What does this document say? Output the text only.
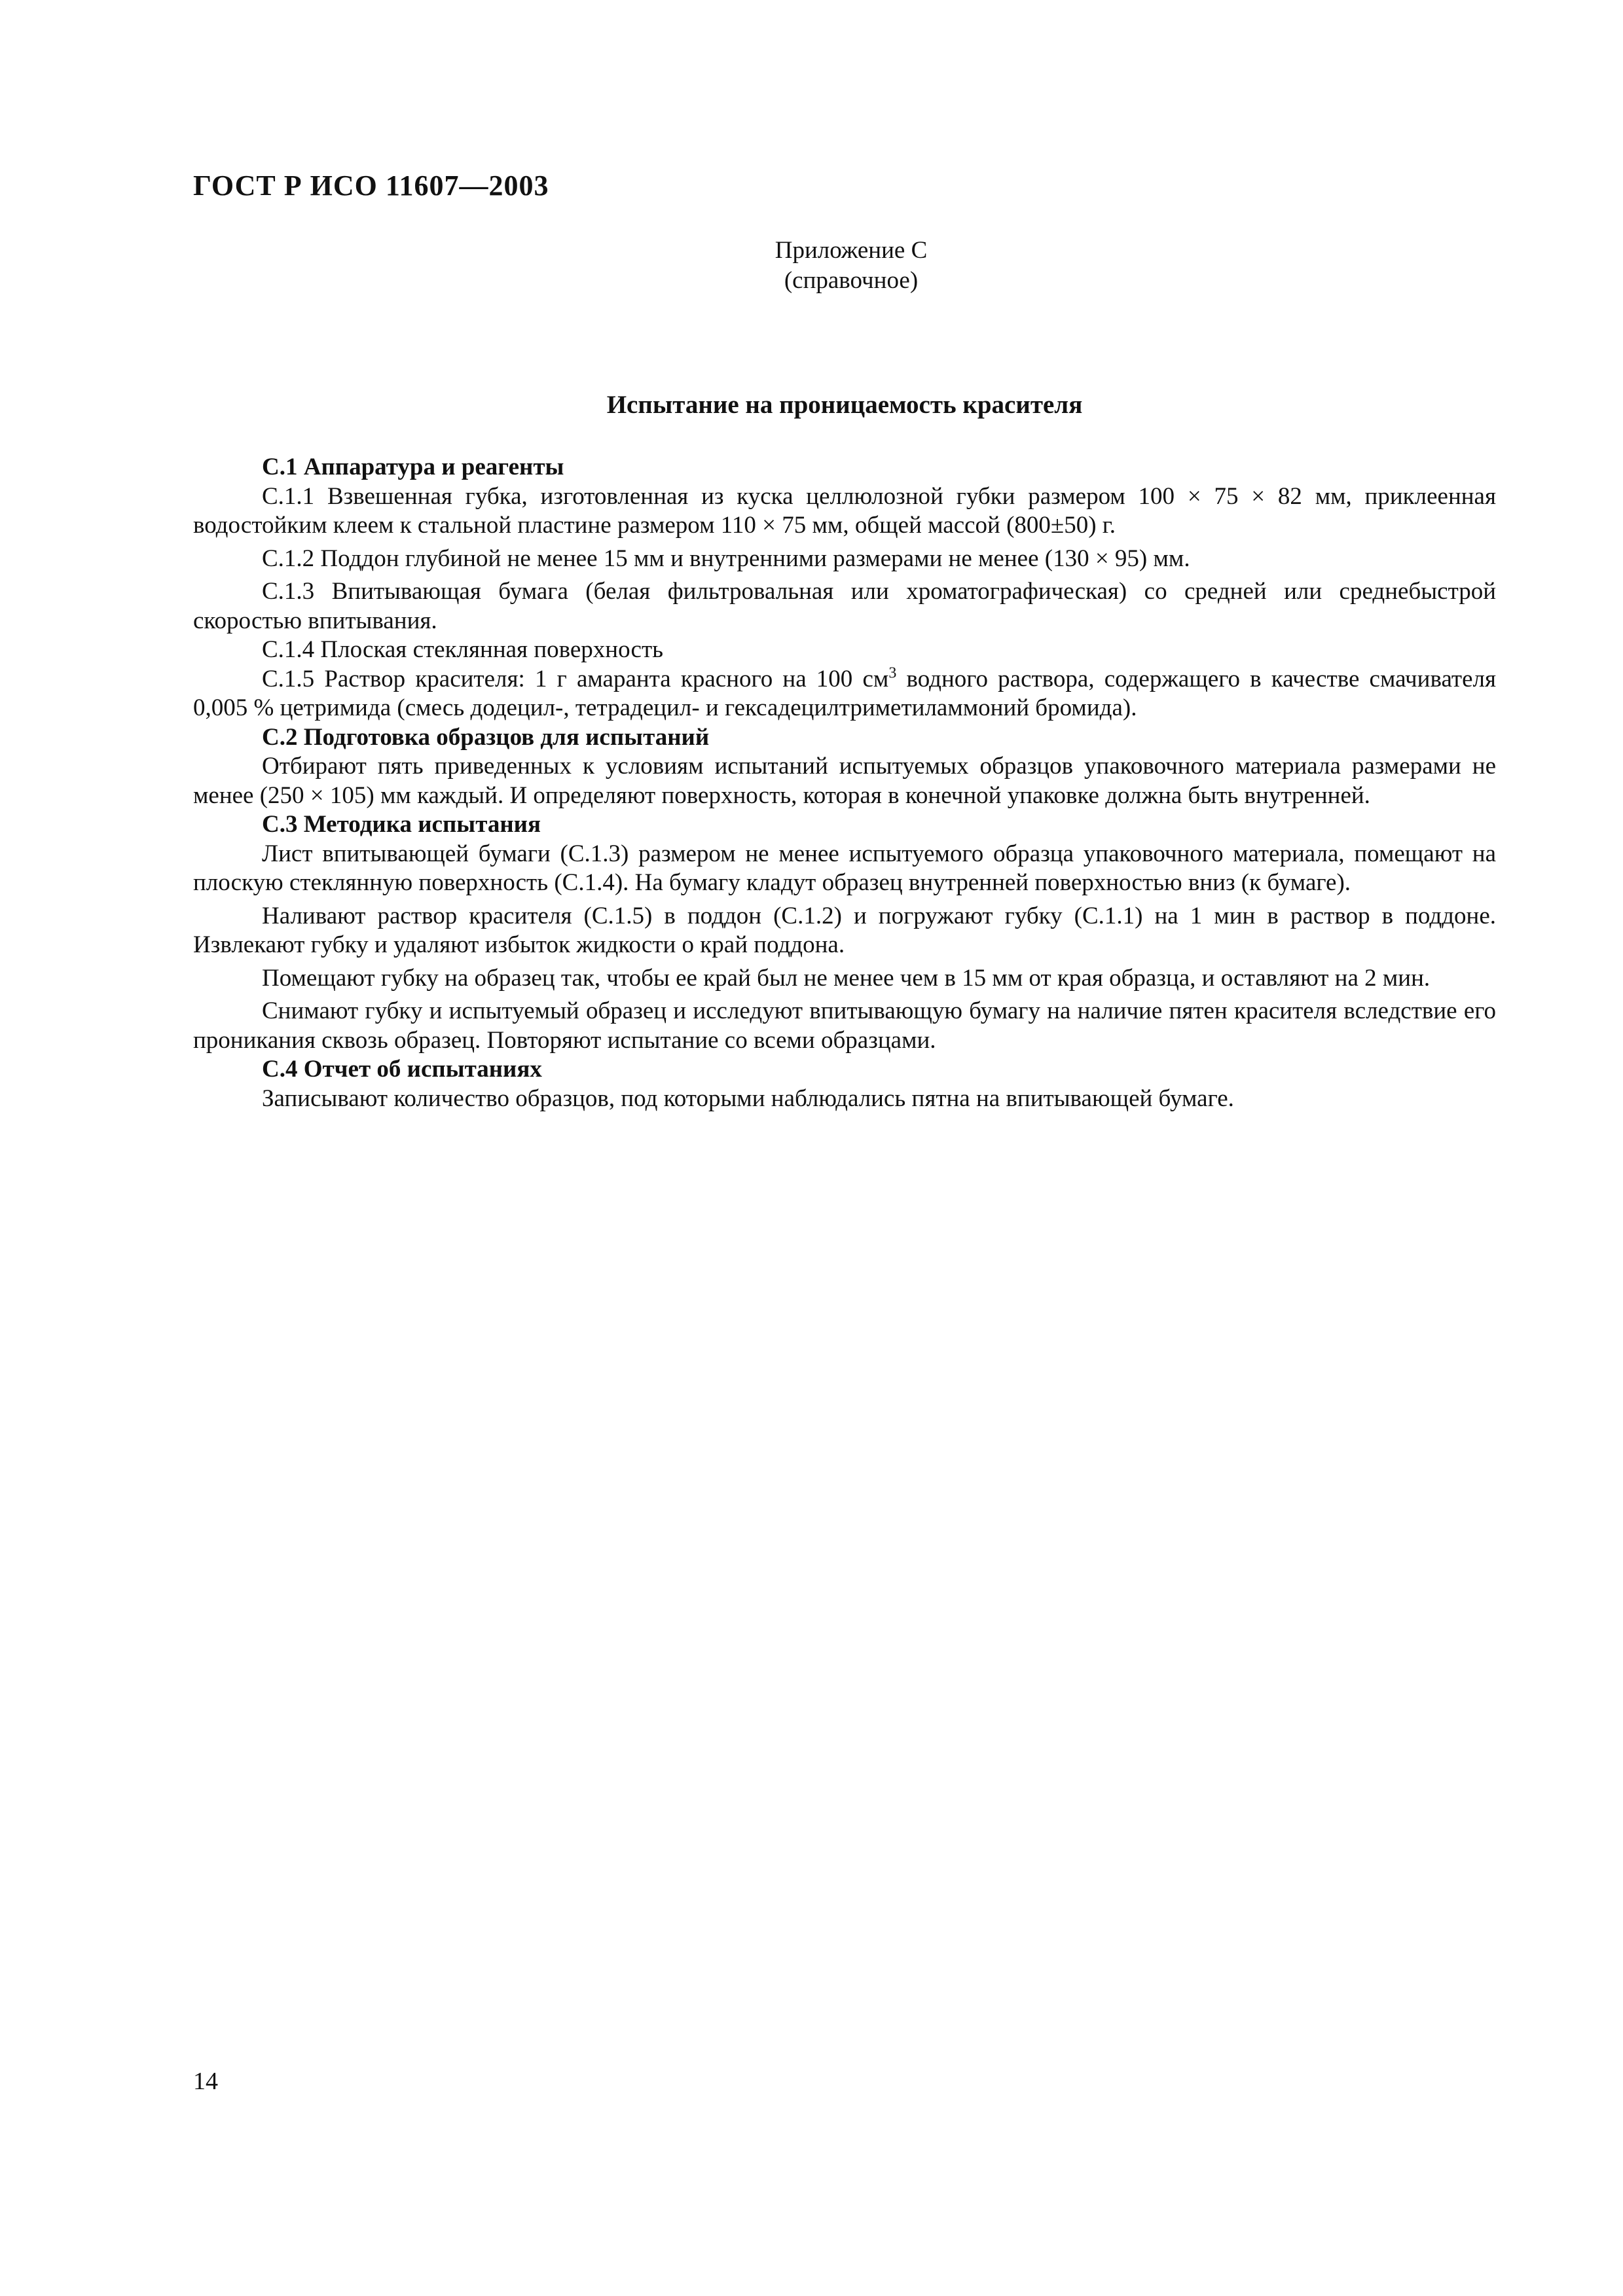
ГОСТ Р ИСО 11607—2003
Приложение С
(справочное)
Испытание на проницаемость красителя

С.1 Аппаратура и реагенты

С.1.1 Взвешенная губка, изготовленная из куска целлюлозной губки размером 100 × 75 × 82 мм, приклеенная водостойким клеем к стальной пластине размером 110 × 75 мм, общей массой (800±50) г.

С.1.2 Поддон глубиной не менее 15 мм и внутренними размерами не менее (130 × 95) мм.

С.1.3 Впитывающая бумага (белая фильтровальная или хроматографическая) со средней или среднебыстрой скоростью впитывания.

С.1.4 Плоская стеклянная поверхность

С.1.5 Раствор красителя: 1 г амаранта красного на 100 $см^3$ водного раствора, содержащего в качестве смачивателя 0,005 % цетримида (смесь додецил-, тетрадецил- и гексадецилтриметиламмоний бромида).

С.2 Подготовка образцов для испытаний

Отбирают пять приведенных к условиям испытаний испытуемых образцов упаковочного материала размерами не менее (250 × 105) мм каждый. И определяют поверхность, которая в конечной упаковке должна быть внутренней.

С.3 Методика испытания

Лист впитывающей бумаги (С.1.3) размером не менее испытуемого образца упаковочного материала, помещают на плоскую стеклянную поверхность (С.1.4). На бумагу кладут образец внутренней поверхностью вниз (к бумаге).

Наливают раствор красителя (С.1.5) в поддон (С.1.2) и погружают губку (С.1.1) на 1 мин в раствор в поддоне. Извлекают губку и удаляют избыток жидкости о край поддона.

Помещают губку на образец так, чтобы ее край был не менее чем в 15 мм от края образца, и оставляют на 2 мин.

Снимают губку и испытуемый образец и исследуют впитывающую бумагу на наличие пятен красителя вследствие его проникания сквозь образец. Повторяют испытание со всеми образцами.

С.4 Отчет об испытаниях

Записывают количество образцов, под которыми наблюдались пятна на впитывающей бумаге.

14
